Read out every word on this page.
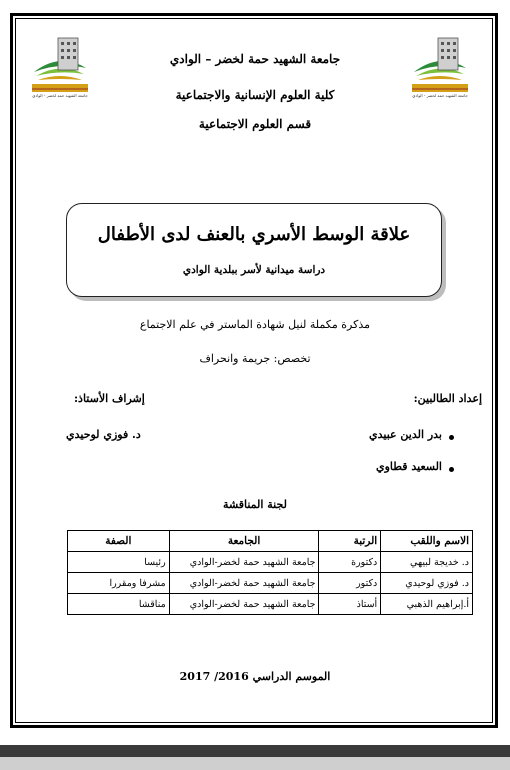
جامعة الشهيد حمة لخضر - الوادي	جامعة الشهيد حمة لخضر - الوادي
جامعة الشهيد حمة لخضر – الوادي
كلية العلوم الإنسانية والاجتماعية
قسم العلوم الاجتماعية
علاقة الوسط الأسري بالعنف لدى الأطفال
دراسة ميدانية لأسر ببلدية الوادي
مذكرة مكملة لنيل شهادة الماستر في علم الاجتماع
تخصص: جريمة وانحراف
إعداد الطالبين:
إشراف الأستاذ:
بدر الدين عبيدي
د. فوزي لوحيدي
السعيد قطاوي
لجنة المناقشة
الاسم واللقب	الرتبة	الجامعة	الصفة
د. خديجة لبيهي	دكتورة	جامعة الشهيد حمة لخضر-الوادي	رئيسا
د. فوزي لوحيدي	دكتور	جامعة الشهيد حمة لخضر-الوادي	مشرفا ومقررا
أ.إبراهيم الذهبي	أستاذ	جامعة الشهيد حمة لخضر-الوادي	مناقشا
الموسم الدراسي 2016/ 2017
